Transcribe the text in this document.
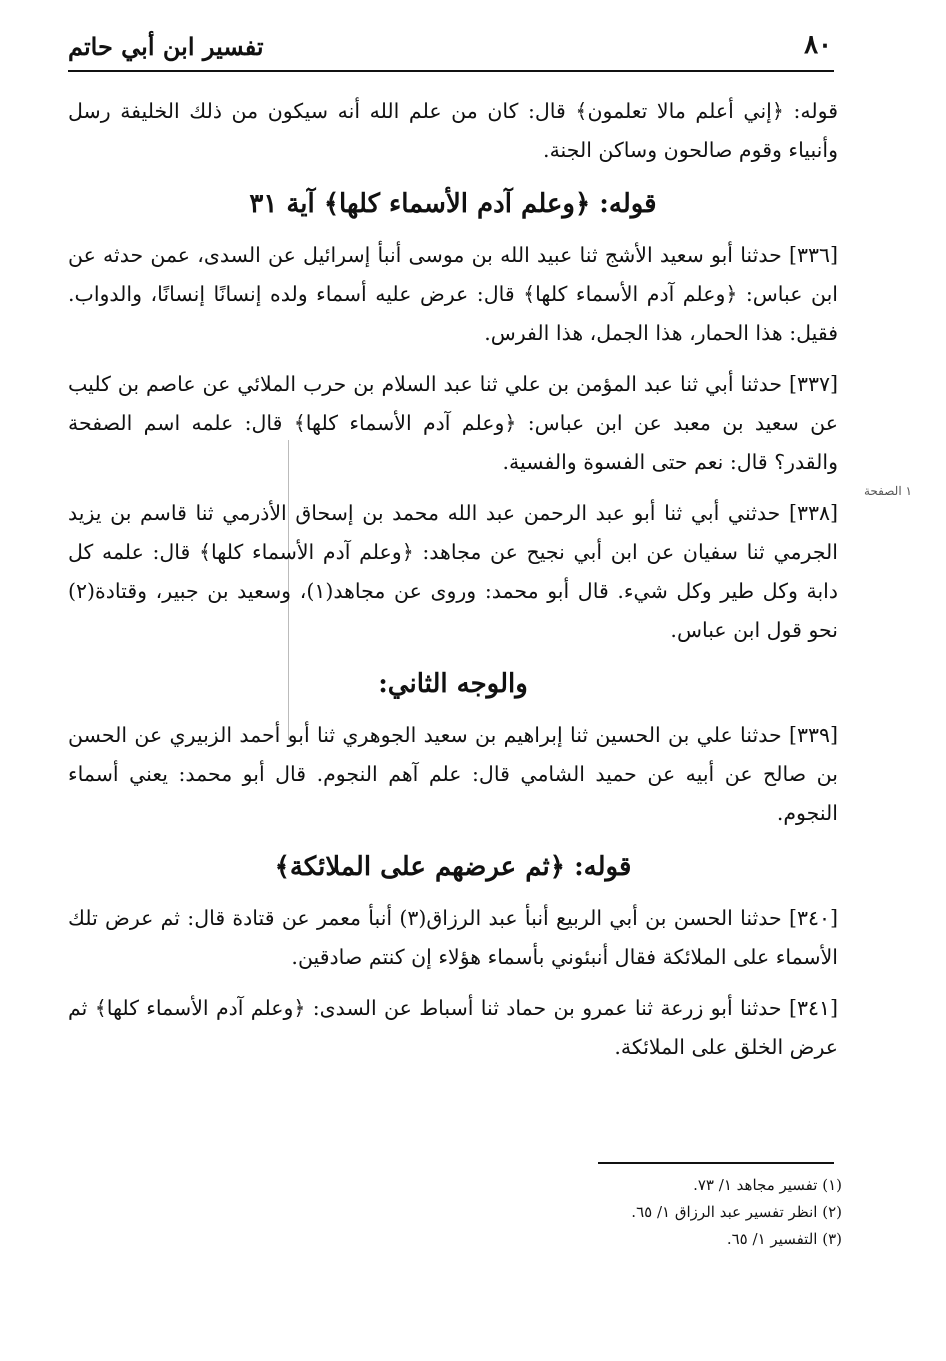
تفسير ابن أبي حاتم	٨٠
١ الصفحة

قوله: ﴿إني أعلم مالا تعلمون﴾ قال: كان من علم الله أنه سيكون من ذلك الخليفة رسل وأنبياء وقوم صالحون وساكن الجنة.

قوله: ﴿وعلم آدم الأسماء كلها﴾ آية ٣١

[٣٣٦] حدثنا أبو سعيد الأشج ثنا عبيد الله بن موسى أنبأ إسرائيل عن السدى، عمن حدثه عن ابن عباس: ﴿وعلم آدم الأسماء كلها﴾ قال: عرض عليه أسماء ولده إنسانًا إنسانًا، والدواب. فقيل: هذا الحمار، هذا الجمل، هذا الفرس.

[٣٣٧] حدثنا أبي ثنا عبد المؤمن بن علي ثنا عبد السلام بن حرب الملائي عن عاصم بن كليب عن سعيد بن معبد عن ابن عباس: ﴿وعلم آدم الأسماء كلها﴾ قال: علمه اسم الصفحة والقدر؟ قال: نعم حتى الفسوة والفسية.

[٣٣٨] حدثني أبي ثنا أبو عبد الرحمن عبد الله محمد بن إسحاق الأذرمي ثنا قاسم بن يزيد الجرمي ثنا سفيان عن ابن أبي نجيح عن مجاهد: ﴿وعلم آدم الأسماء كلها﴾ قال: علمه كل دابة وكل طير وكل شيء. قال أبو محمد: وروى عن مجاهد(١)، وسعيد بن جبير، وقتادة(٢) نحو قول ابن عباس.

والوجه الثاني:

[٣٣٩] حدثنا علي بن الحسين ثنا إبراهيم بن سعيد الجوهري ثنا أبو أحمد الزبيري عن الحسن بن صالح عن أبيه عن حميد الشامي قال: علم آهم النجوم. قال أبو محمد: يعني أسماء النجوم.

قوله: ﴿ثم عرضهم على الملائكة﴾

[٣٤٠] حدثنا الحسن بن أبي الربيع أنبأ عبد الرزاق(٣) أنبأ معمر عن قتادة قال: ثم عرض تلك الأسماء على الملائكة فقال أنبئوني بأسماء هؤلاء إن كنتم صادقين.

[٣٤١] حدثنا أبو زرعة ثنا عمرو بن حماد ثنا أسباط عن السدى: ﴿وعلم آدم الأسماء كلها﴾ ثم عرض الخلق على الملائكة.

(١) تفسير مجاهد ١/ ٧٣.
(٢) انظر تفسير عبد الرزاق ١/ ٦٥.
(٣) التفسير ١/ ٦٥.
